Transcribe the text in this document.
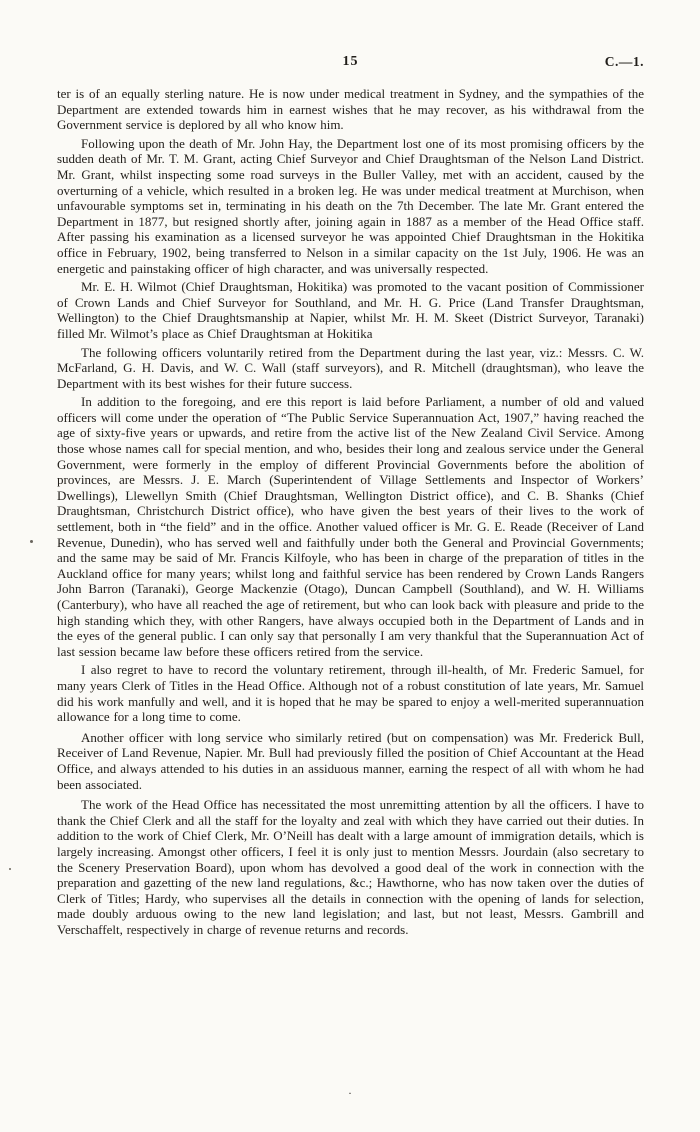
15	C.—1.

ter is of an equally sterling nature. He is now under medical treatment in Sydney, and the sympathies of the Department are extended towards him in earnest wishes that he may recover, as his withdrawal from the Government service is deplored by all who know him.

Following upon the death of Mr. John Hay, the Department lost one of its most promising officers by the sudden death of Mr. T. M. Grant, acting Chief Surveyor and Chief Draughtsman of the Nelson Land District. Mr. Grant, whilst inspecting some road surveys in the Buller Valley, met with an accident, caused by the overturning of a vehicle, which resulted in a broken leg. He was under medical treatment at Murchison, when unfavourable symptoms set in, terminating in his death on the 7th December. The late Mr. Grant entered the Department in 1877, but resigned shortly after, joining again in 1887 as a member of the Head Office staff. After passing his examination as a licensed surveyor he was appointed Chief Draughtsman in the Hokitika office in February, 1902, being transferred to Nelson in a similar capacity on the 1st July, 1906. He was an energetic and painstaking officer of high character, and was universally respected.

Mr. E. H. Wilmot (Chief Draughtsman, Hokitika) was promoted to the vacant position of Commissioner of Crown Lands and Chief Surveyor for Southland, and Mr. H. G. Price (Land Transfer Draughtsman, Wellington) to the Chief Draughtsmanship at Napier, whilst Mr. H. M. Skeet (District Surveyor, Taranaki) filled Mr. Wilmot’s place as Chief Draughtsman at Hokitika

The following officers voluntarily retired from the Department during the last year, viz.: Messrs. C. W. McFarland, G. H. Davis, and W. C. Wall (staff surveyors), and R. Mitchell (draughtsman), who leave the Department with its best wishes for their future success.

In addition to the foregoing, and ere this report is laid before Parliament, a number of old and valued officers will come under the operation of “The Public Service Superannuation Act, 1907,” having reached the age of sixty-five years or upwards, and retire from the active list of the New Zealand Civil Service. Among those whose names call for special mention, and who, besides their long and zealous service under the General Government, were formerly in the employ of different Provincial Governments before the abolition of provinces, are Messrs. J. E. March (Superintendent of Village Settlements and Inspector of Workers’ Dwellings), Llewellyn Smith (Chief Draughtsman, Wellington District office), and C. B. Shanks (Chief Draughtsman, Christchurch District office), who have given the best years of their lives to the work of settlement, both in “the field” and in the office. Another valued officer is Mr. G. E. Reade (Receiver of Land Revenue, Dunedin), who has served well and faithfully under both the General and Provincial Governments; and the same may be said of Mr. Francis Kilfoyle, who has been in charge of the preparation of titles in the Auckland office for many years; whilst long and faithful service has been rendered by Crown Lands Rangers John Barron (Taranaki), George Mackenzie (Otago), Duncan Campbell (Southland), and W. H. Williams (Canterbury), who have all reached the age of retirement, but who can look back with pleasure and pride to the high standing which they, with other Rangers, have always occupied both in the Department of Lands and in the eyes of the general public. I can only say that personally I am very thankful that the Superannuation Act of last session became law before these officers retired from the service.

I also regret to have to record the voluntary retirement, through ill-health, of Mr. Frederic Samuel, for many years Clerk of Titles in the Head Office. Although not of a robust constitution of late years, Mr. Samuel did his work manfully and well, and it is hoped that he may be spared to enjoy a well-merited superannuation allowance for a long time to come.

Another officer with long service who similarly retired (but on compensation) was Mr. Frederick Bull, Receiver of Land Revenue, Napier. Mr. Bull had previously filled the position of Chief Accountant at the Head Office, and always attended to his duties in an assiduous manner, earning the respect of all with whom he had been associated.

The work of the Head Office has necessitated the most unremitting attention by all the officers. I have to thank the Chief Clerk and all the staff for the loyalty and zeal with which they have carried out their duties. In addition to the work of Chief Clerk, Mr. O’Neill has dealt with a large amount of immigration details, which is largely increasing. Amongst other officers, I feel it is only just to mention Messrs. Jourdain (also secretary to the Scenery Preservation Board), upon whom has devolved a good deal of the work in connection with the preparation and gazetting of the new land regulations, &c.; Hawthorne, who has now taken over the duties of Clerk of Titles; Hardy, who supervises all the details in connection with the opening of lands for selection, made doubly arduous owing to the new land legislation; and last, but not least, Messrs. Gambrill and Verschaffelt, respectively in charge of revenue returns and records.

.
